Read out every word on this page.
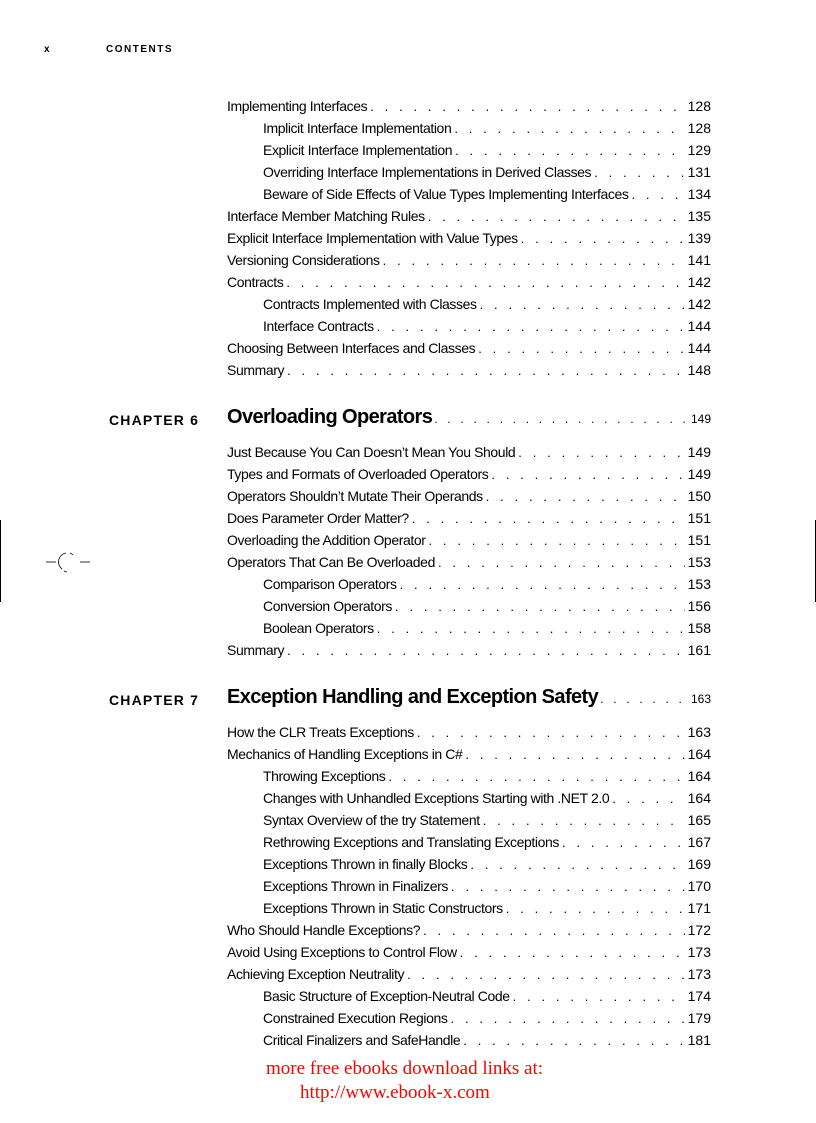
x	CONTENTS
Implementing Interfaces . . .	128
Implicit Interface Implementation . . .	128
Explicit Interface Implementation . . .	129
Overriding Interface Implementations in Derived Classes . . .	131
Beware of Side Effects of Value Types Implementing Interfaces . . .	134
Interface Member Matching Rules . . .	135
Explicit Interface Implementation with Value Types . . .	139
Versioning Considerations . . .	141
Contracts . . .	142
Contracts Implemented with Classes . . .	142
Interface Contracts . . .	144
Choosing Between Interfaces and Classes . . .	144
Summary . . .	148
CHAPTER 6 Overloading Operators . . .	149
Just Because You Can Doesn’t Mean You Should . . .	149
Types and Formats of Overloaded Operators . . .	149
Operators Shouldn’t Mutate Their Operands . . .	150
Does Parameter Order Matter? . . .	151
Overloading the Addition Operator . . .	151
Operators That Can Be Overloaded . . .	153
Comparison Operators . . .	153
Conversion Operators . . .	156
Boolean Operators . . .	158
Summary . . .	161
CHAPTER 7 Exception Handling and Exception Safety . . .	163
How the CLR Treats Exceptions . . .	163
Mechanics of Handling Exceptions in C# . . .	164
Throwing Exceptions . . .	164
Changes with Unhandled Exceptions Starting with .NET 2.0 . . .	164
Syntax Overview of the try Statement . . .	165
Rethrowing Exceptions and Translating Exceptions . . .	167
Exceptions Thrown in finally Blocks . . .	169
Exceptions Thrown in Finalizers . . .	170
Exceptions Thrown in Static Constructors . . .	171
Who Should Handle Exceptions? . . .	172
Avoid Using Exceptions to Control Flow . . .	173
Achieving Exception Neutrality . . .	173
Basic Structure of Exception-Neutral Code . . .	174
Constrained Execution Regions . . .	179
Critical Finalizers and SafeHandle . . .	181
more free ebooks download links at:
http://www.ebook-x.com
